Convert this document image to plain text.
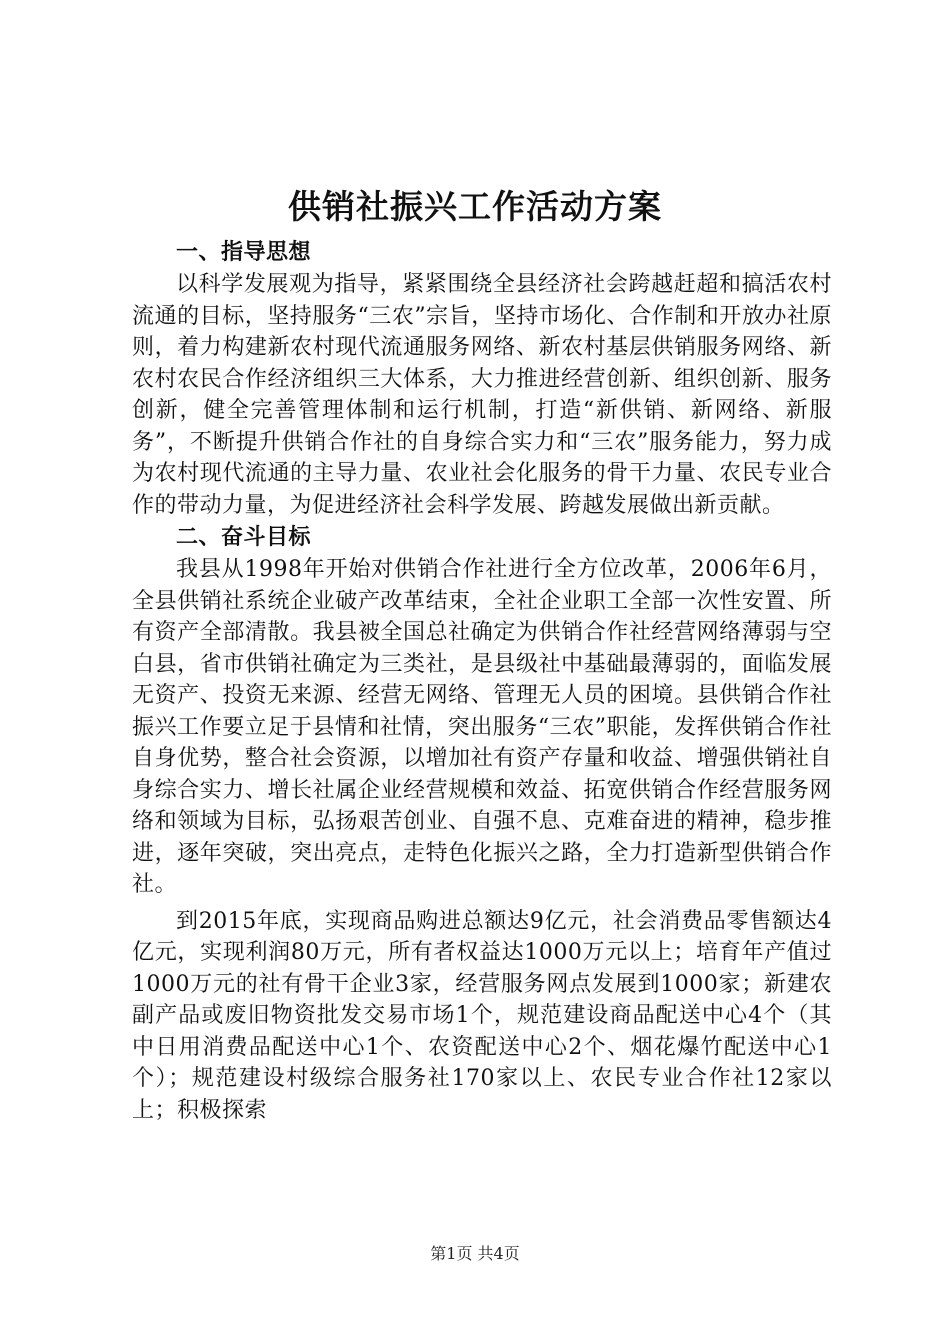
供销社振兴工作活动方案
一、指导思想

以科学发展观为指导，紧紧围绕全县经济社会跨越赶超和搞活农村流通的目标，坚持服务“三农”宗旨，坚持市场化、合作制和开放办社原则，着力构建新农村现代流通服务网络、新农村基层供销服务网络、新农村农民合作经济组织三大体系，大力推进经营创新、组织创新、服务创新，健全完善管理体制和运行机制，打造“新供销、新网络、新服务”，不断提升供销合作社的自身综合实力和“三农”服务能力，努力成为农村现代流通的主导力量、农业社会化服务的骨干力量、农民专业合作的带动力量，为促进经济社会科学发展、跨越发展做出新贡献。

二、奋斗目标

我县从1998年开始对供销合作社进行全方位改革，2006年6月，全县供销社系统企业破产改革结束，全社企业职工全部一次性安置、所有资产全部清散。我县被全国总社确定为供销合作社经营网络薄弱与空白县，省市供销社确定为三类社，是县级社中基础最薄弱的，面临发展无资产、投资无来源、经营无网络、管理无人员的困境。县供销合作社振兴工作要立足于县情和社情，突出服务“三农”职能，发挥供销合作社自身优势，整合社会资源，以增加社有资产存量和收益、增强供销社自身综合实力、增长社属企业经营规模和效益、拓宽供销合作经营服务网络和领域为目标，弘扬艰苦创业、自强不息、克难奋进的精神，稳步推进，逐年突破，突出亮点，走特色化振兴之路，全力打造新型供销合作社。

到2015年底，实现商品购进总额达9亿元，社会消费品零售额达4亿元，实现利润80万元，所有者权益达1000万元以上；培育年产值过1000万元的社有骨干企业3家，经营服务网点发展到1000家；新建农副产品或废旧物资批发交易市场1个，规范建设商品配送中心4个（其中日用消费品配送中心1个、农资配送中心2个、烟花爆竹配送中心1个）；规范建设村级综合服务社170家以上、农民专业合作社12家以上；积极探索

第1页 共4页
